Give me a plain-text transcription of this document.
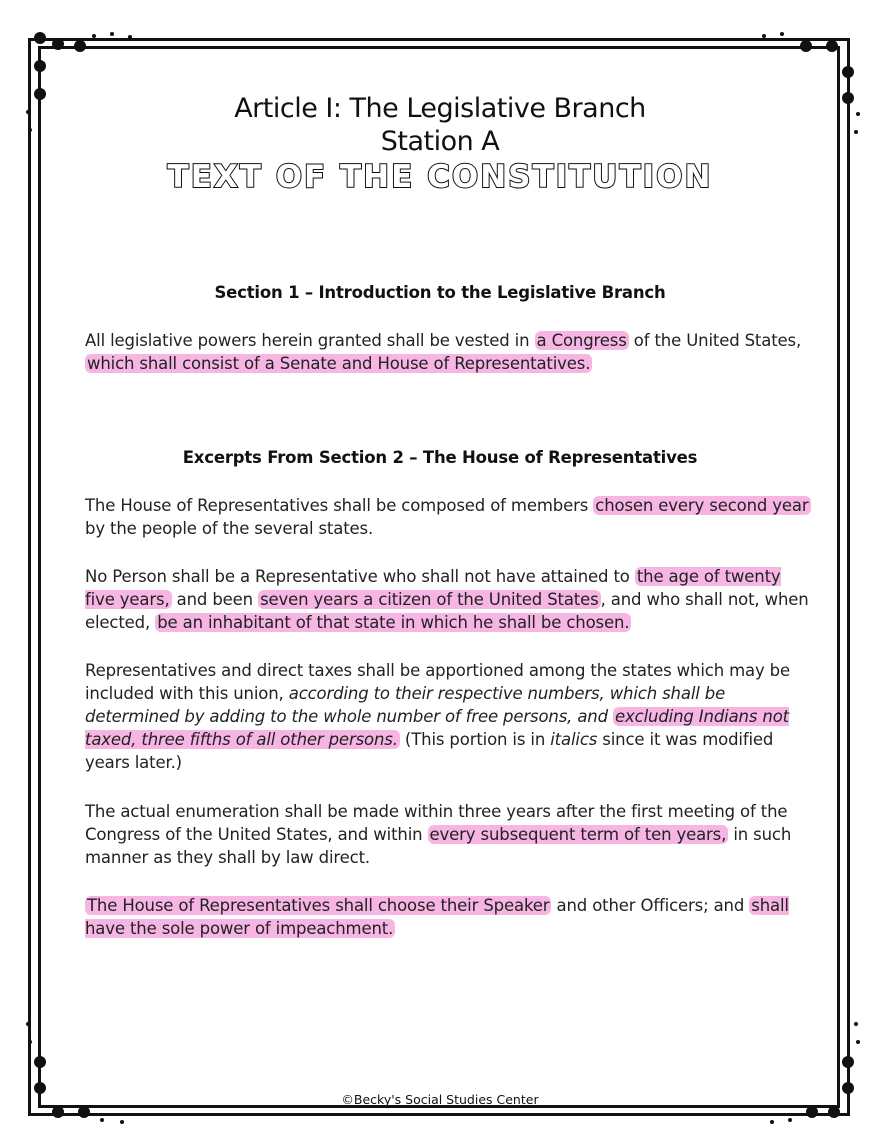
Article I: The Legislative Branch
Station A
TEXT OF THE CONSTITUTION
Section 1 – Introduction to the Legislative Branch
All legislative powers herein granted shall be vested in a Congress of the United States, which shall consist of a Senate and House of Representatives.
Excerpts From Section 2 – The House of Representatives
The House of Representatives shall be composed of members chosen every second year by the people of the several states.
No Person shall be a Representative who shall not have attained to the age of twenty five years, and been seven years a citizen of the United States , and who shall not, when elected, be an inhabitant of that state in which he shall be chosen.
Representatives and direct taxes shall be apportioned among the states which may be included with this union, according to their respective numbers, which shall be determined by adding to the whole number of free persons, and excluding Indians not taxed, three fifths of all other persons. (This portion is in italics since it was modified years later.)
The actual enumeration shall be made within three years after the first meeting of the Congress of the United States, and within every subsequent term of ten years, in such manner as they shall by law direct.
The House of Representatives shall choose their Speaker and other Officers; and shall have the sole power of impeachment.
©Becky's Social Studies Center
